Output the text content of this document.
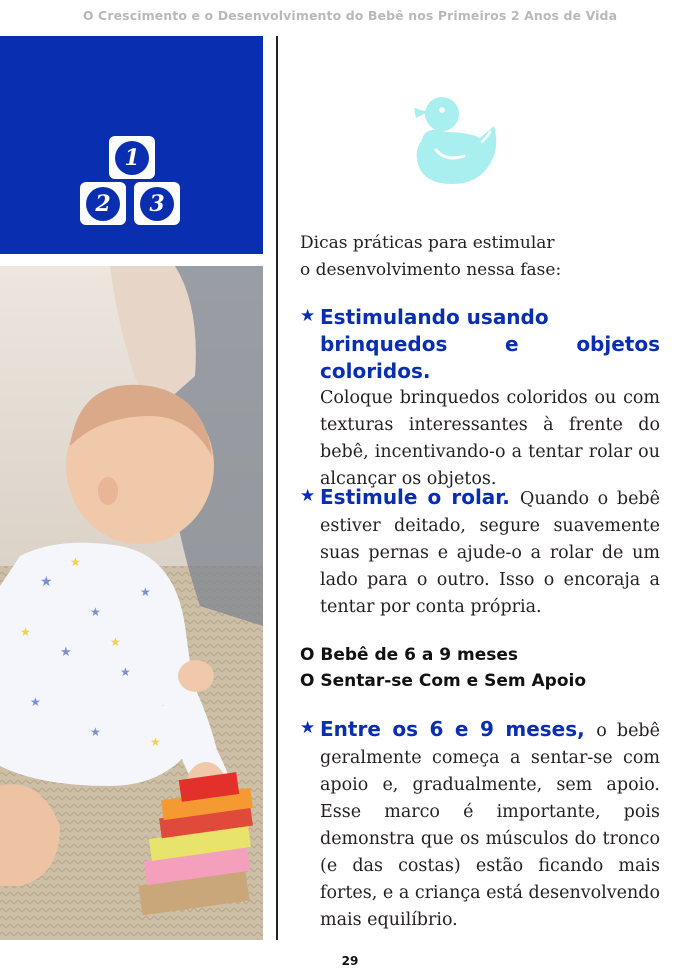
O Crescimento e o Desenvolvimento do Bebê nos Primeiros 2 Anos de Vida
1
2	3
★
★
★
★
★
★	★
★
★
★
★
★
Dicas práticas para estimular
o desenvolvimento nessa fase:
★ Estimulando usando
brinquedos e objetos coloridos.
Coloque brinquedos coloridos ou com texturas interessantes à frente do bebê, incentivando-o a tentar rolar ou alcançar os objetos.
★ Estimule o rolar. Quando o bebê estiver deitado, segure suavemente suas pernas e ajude-o a rolar de um lado para o outro. Isso o encoraja a tentar por conta própria.
O Bebê de 6 a 9 meses
O Sentar-se Com e Sem Apoio
★ Entre os 6 e 9 meses, o bebê geralmente começa a sentar-se com apoio e, gradualmente, sem apoio. Esse marco é importante, pois demonstra que os músculos do tronco (e das costas) estão ficando mais fortes, e a criança está desenvolvendo mais equilíbrio.
29
